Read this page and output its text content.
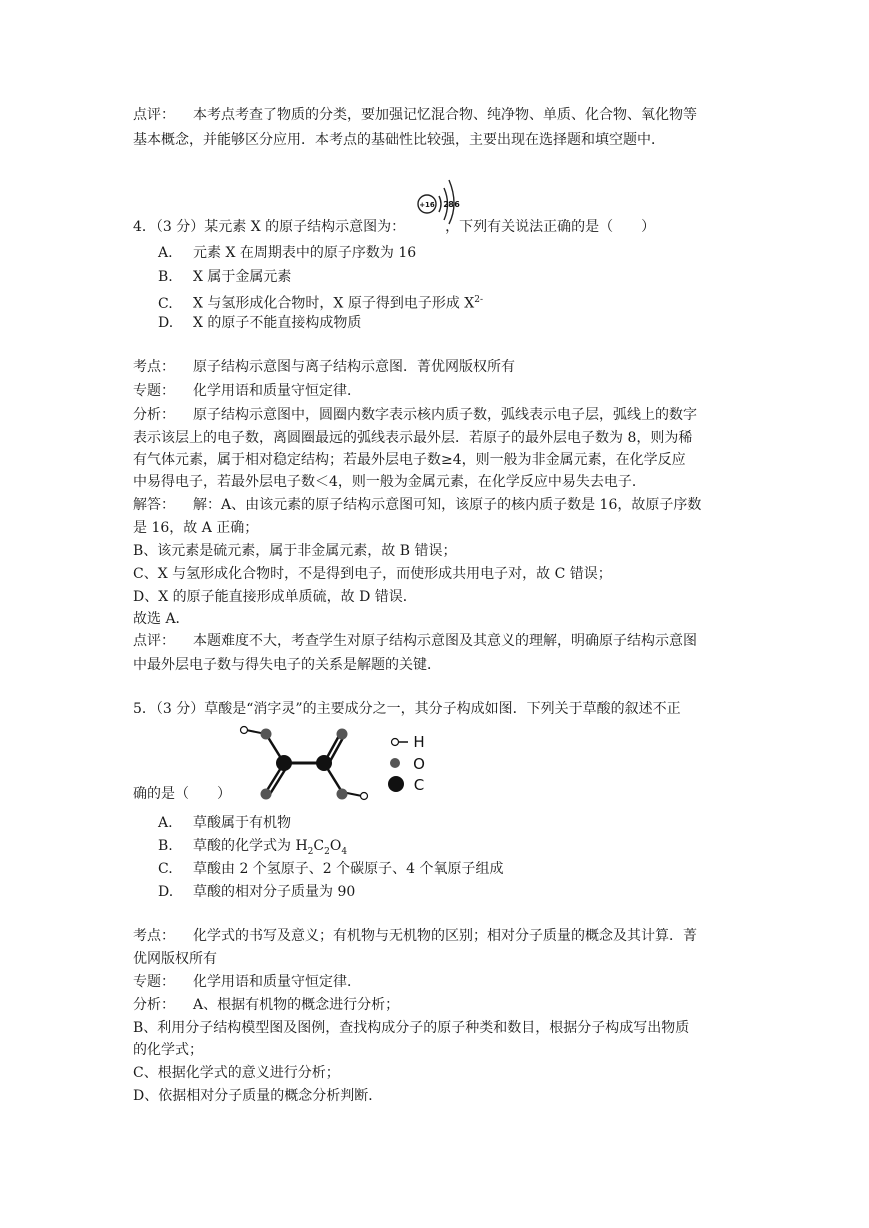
点评： 本考点考查了物质的分类，要加强记忆混合物、纯净物、单质、化合物、氧化物等
基本概念，并能够区分应用．本考点的基础性比较强，主要出现在选择题和填空题中．
4．（3 分）某元素 X 的原子结构示意图为：	，下列有关说法正确的是（　　）
+16 2 8 6
A. 元素 X 在周期表中的原子序数为 16
B. X 属于金属元素
C. X 与氢形成化合物时，X 原子得到电子形成 $X^{2-}$
D. X 的原子不能直接构成物质
考点： 原子结构示意图与离子结构示意图．菁优网版权所有
专题： 化学用语和质量守恒定律．
分析： 原子结构示意图中，圆圈内数字表示核内质子数，弧线表示电子层，弧线上的数字
表示该层上的电子数，离圆圈最远的弧线表示最外层．若原子的最外层电子数为 8，则为稀
有气体元素，属于相对稳定结构；若最外层电子数≥4，则一般为非金属元素，在化学反应
中易得电子，若最外层电子数＜4，则一般为金属元素，在化学反应中易失去电子．
解答： 解：A、由该元素的原子结构示意图可知，该原子的核内质子数是 16，故原子序数
是 16，故 A 正确；
B、该元素是硫元素，属于非金属元素，故 B 错误；
C、X 与氢形成化合物时，不是得到电子，而使形成共用电子对，故 C 错误；
D、X 的原子能直接形成单质硫，故 D 错误．
故选 A．
点评： 本题难度不大，考查学生对原子结构示意图及其意义的理解，明确原子结构示意图
中最外层电子数与得失电子的关系是解题的关键．
5．（3 分）草酸是“消字灵”的主要成分之一，其分子构成如图．下列关于草酸的叙述不正
H
O
C
确的是（　　）
A. 草酸属于有机物
B. 草酸的化学式为 $H_2C_2O_4$
C. 草酸由 2 个氢原子、2 个碳原子、4 个氧原子组成
D. 草酸的相对分子质量为 90
考点： 化学式的书写及意义；有机物与无机物的区别；相对分子质量的概念及其计算．菁
优网版权所有
专题： 化学用语和质量守恒定律．
分析： A、根据有机物的概念进行分析；
B、利用分子结构模型图及图例，查找构成分子的原子种类和数目，根据分子构成写出物质
的化学式；
C、根据化学式的意义进行分析；
D、依据相对分子质量的概念分析判断．
